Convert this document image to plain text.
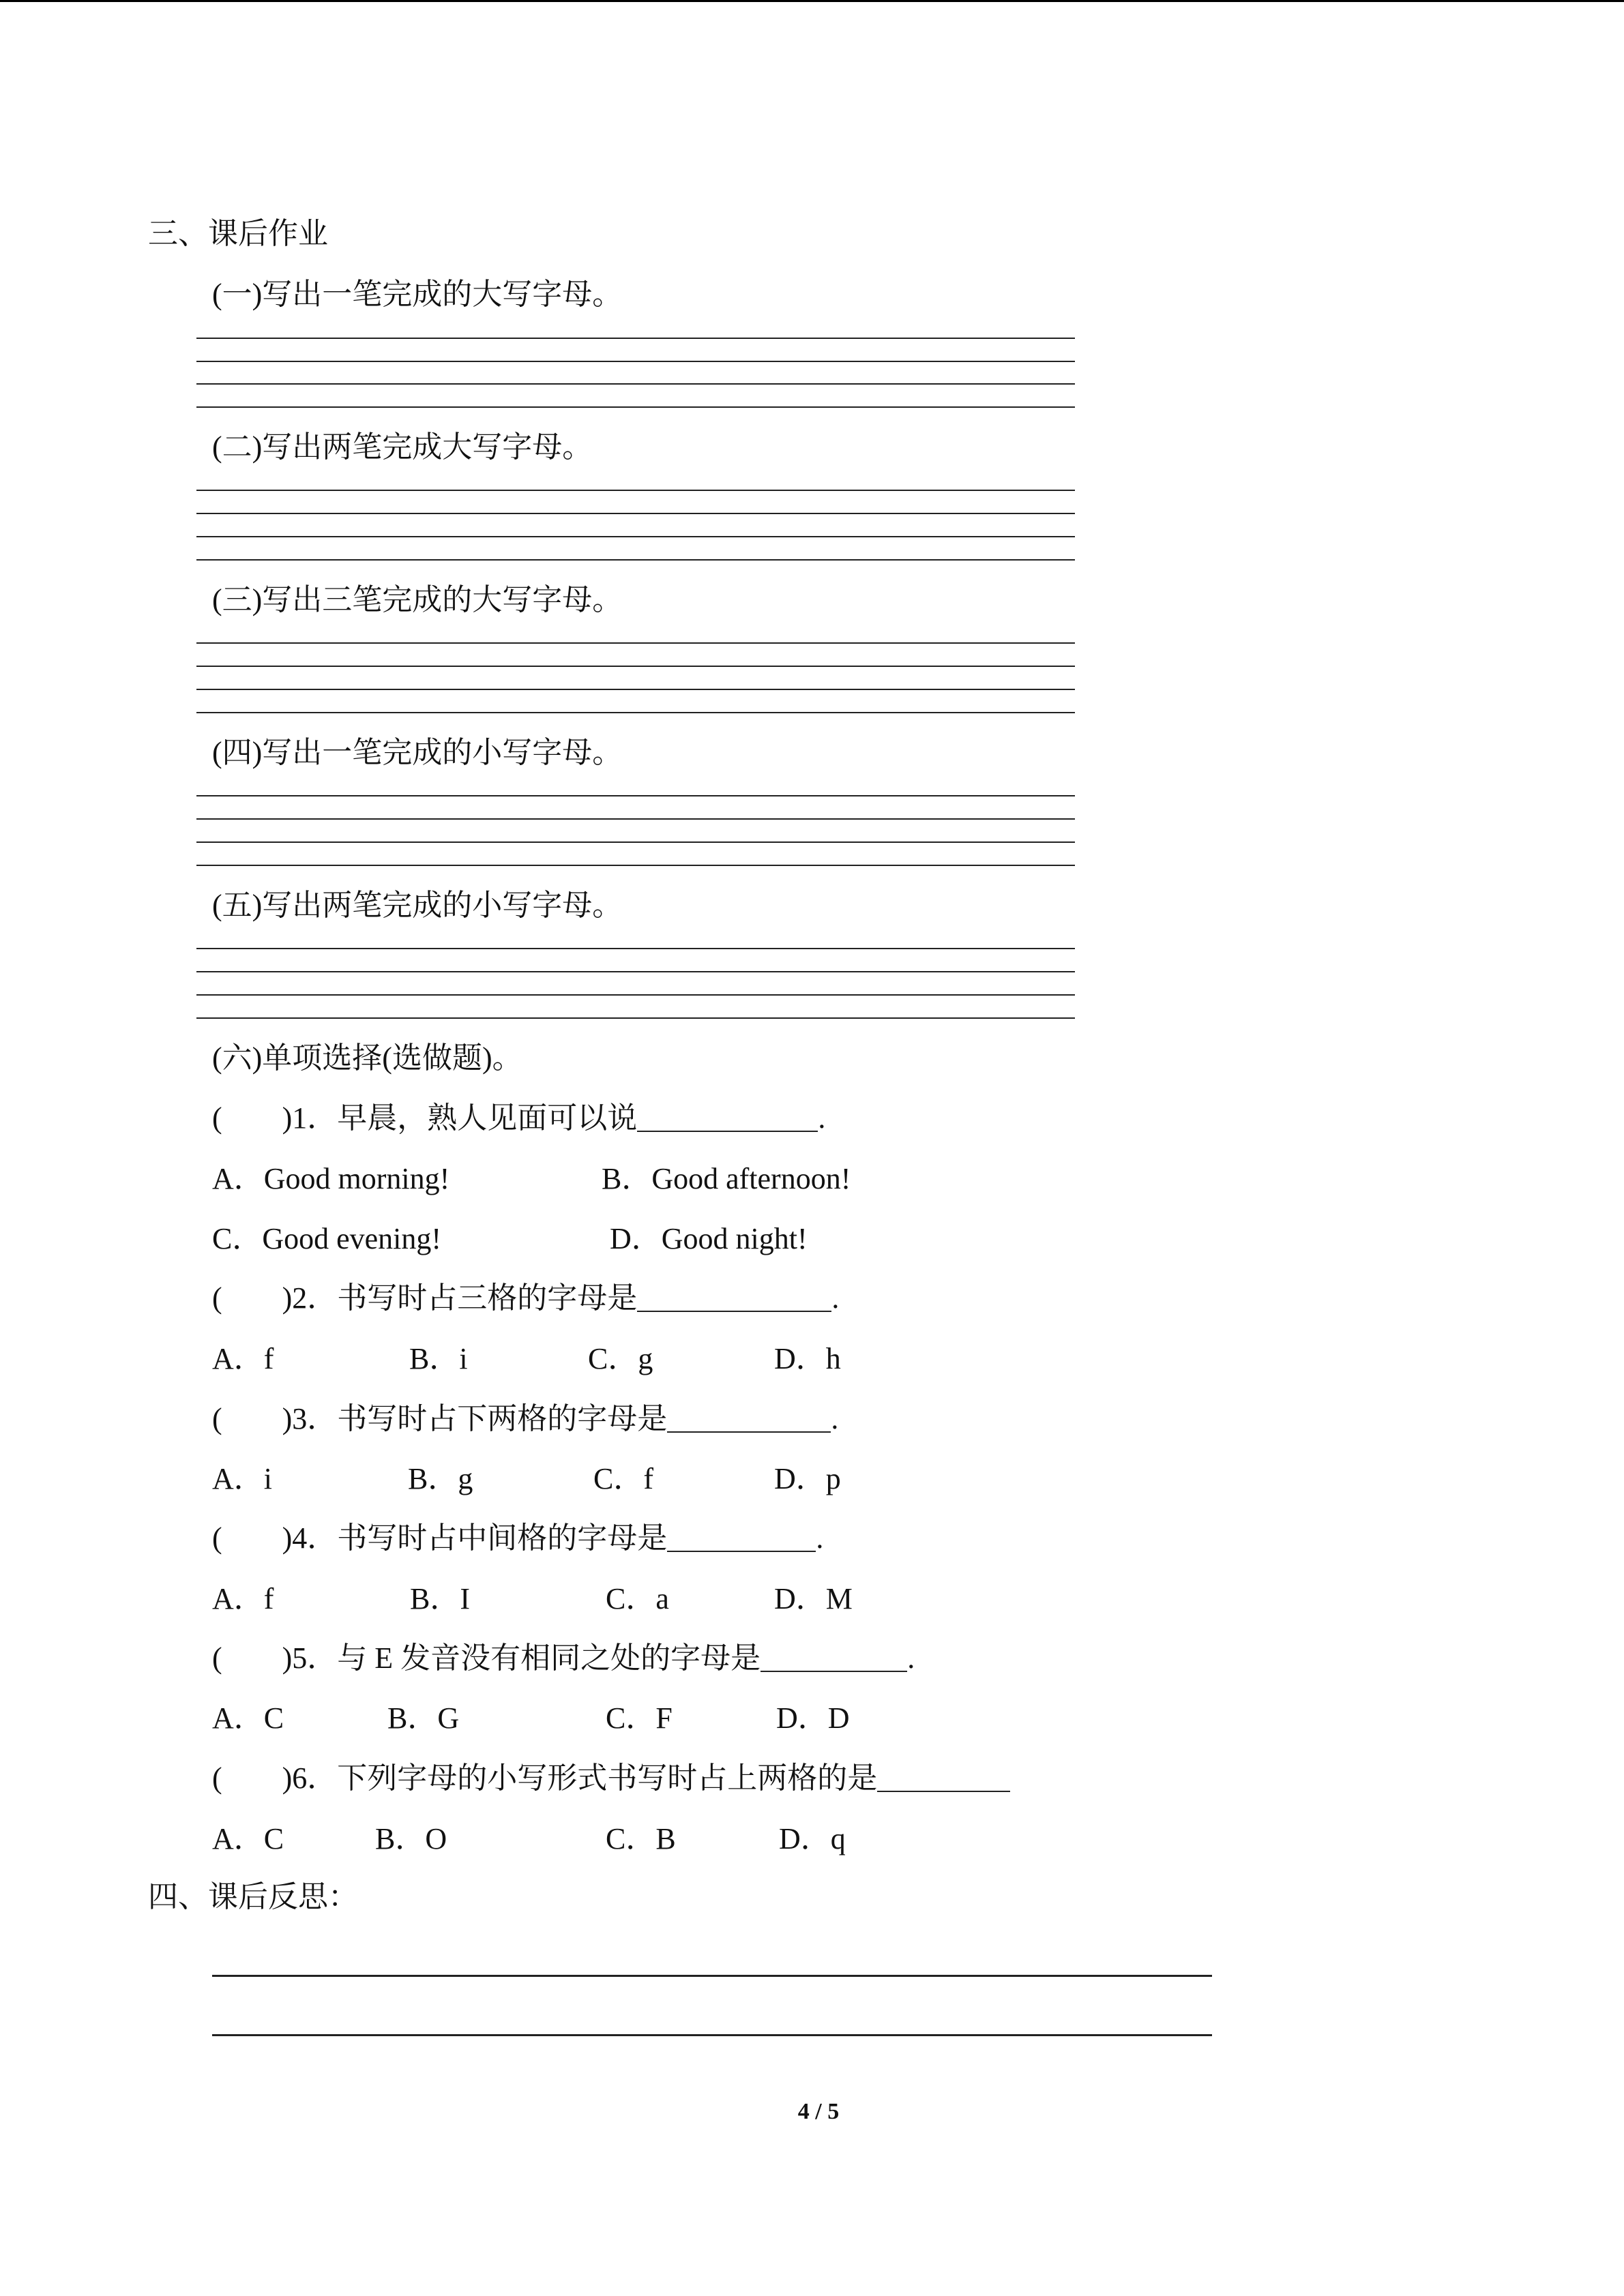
三、课后作业
(一)写出一笔完成的大写字母。
(二)写出两笔完成大写字母。
(三)写出三笔完成的大写字母。
(四)写出一笔完成的小写字母。
(五)写出两笔完成的小写字母。
(六)单项选择(选做题)。
(　　)1．早晨，熟人见面可以说	.
A．Good morning!	B．Good afternoon!
C．Good evening!	D．Good night!
(　　)2．书写时占三格的字母是	.
A．f	B．i	C．g	D．h
(　　)3．书写时占下两格的字母是	.
A．i	B．g	C．f	D．p
(　　)4．书写时占中间格的字母是	.
A．f	B．I	C．a	D．M
(　　)5．与 E 发音没有相同之处的字母是	.
A．C	B．G	C．F	D．D
(　　)6．下列字母的小写形式书写时占上两格的是
A．C	B．O	C．B	D．q
四、课后反思：
4 / 5
